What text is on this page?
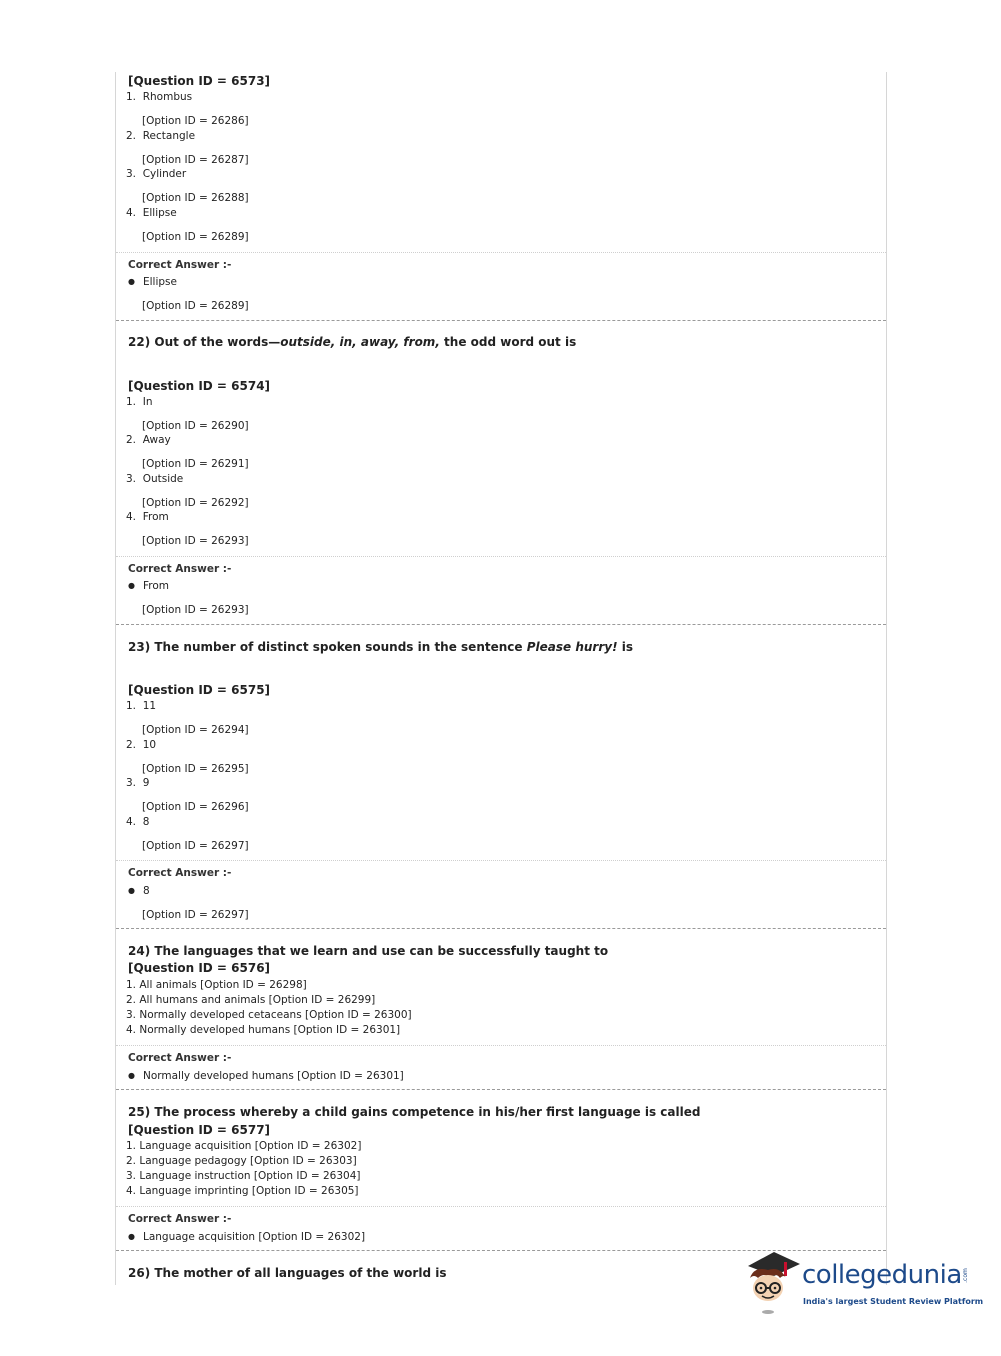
[Question ID = 6573]
1. Rhombus
[Option ID = 26286]
2. Rectangle
[Option ID = 26287]
3. Cylinder
[Option ID = 26288]
4. Ellipse
[Option ID = 26289]
Correct Answer :-
● Ellipse
[Option ID = 26289]
22) Out of the words—outside, in, away, from, the odd word out is
[Question ID = 6574]
1. In
[Option ID = 26290]
2. Away
[Option ID = 26291]
3. Outside
[Option ID = 26292]
4. From
[Option ID = 26293]
Correct Answer :-
● From
[Option ID = 26293]
23) The number of distinct spoken sounds in the sentence Please hurry! is
[Question ID = 6575]
1. 11
[Option ID = 26294]
2. 10
[Option ID = 26295]
3. 9
[Option ID = 26296]
4. 8
[Option ID = 26297]
Correct Answer :-
● 8
[Option ID = 26297]
24) The languages that we learn and use can be successfully taught to
[Question ID = 6576]
1. All animals [Option ID = 26298]
2. All humans and animals [Option ID = 26299]
3. Normally developed cetaceans [Option ID = 26300]
4. Normally developed humans [Option ID = 26301]
Correct Answer :-
● Normally developed humans [Option ID = 26301]
25) The process whereby a child gains competence in his/her first language is called
[Question ID = 6577]
1. Language acquisition [Option ID = 26302]
2. Language pedagogy [Option ID = 26303]
3. Language instruction [Option ID = 26304]
4. Language imprinting [Option ID = 26305]
Correct Answer :-
● Language acquisition [Option ID = 26302]
26) The mother of all languages of the world is	collegedunia .com
India's largest Student Review Platform
